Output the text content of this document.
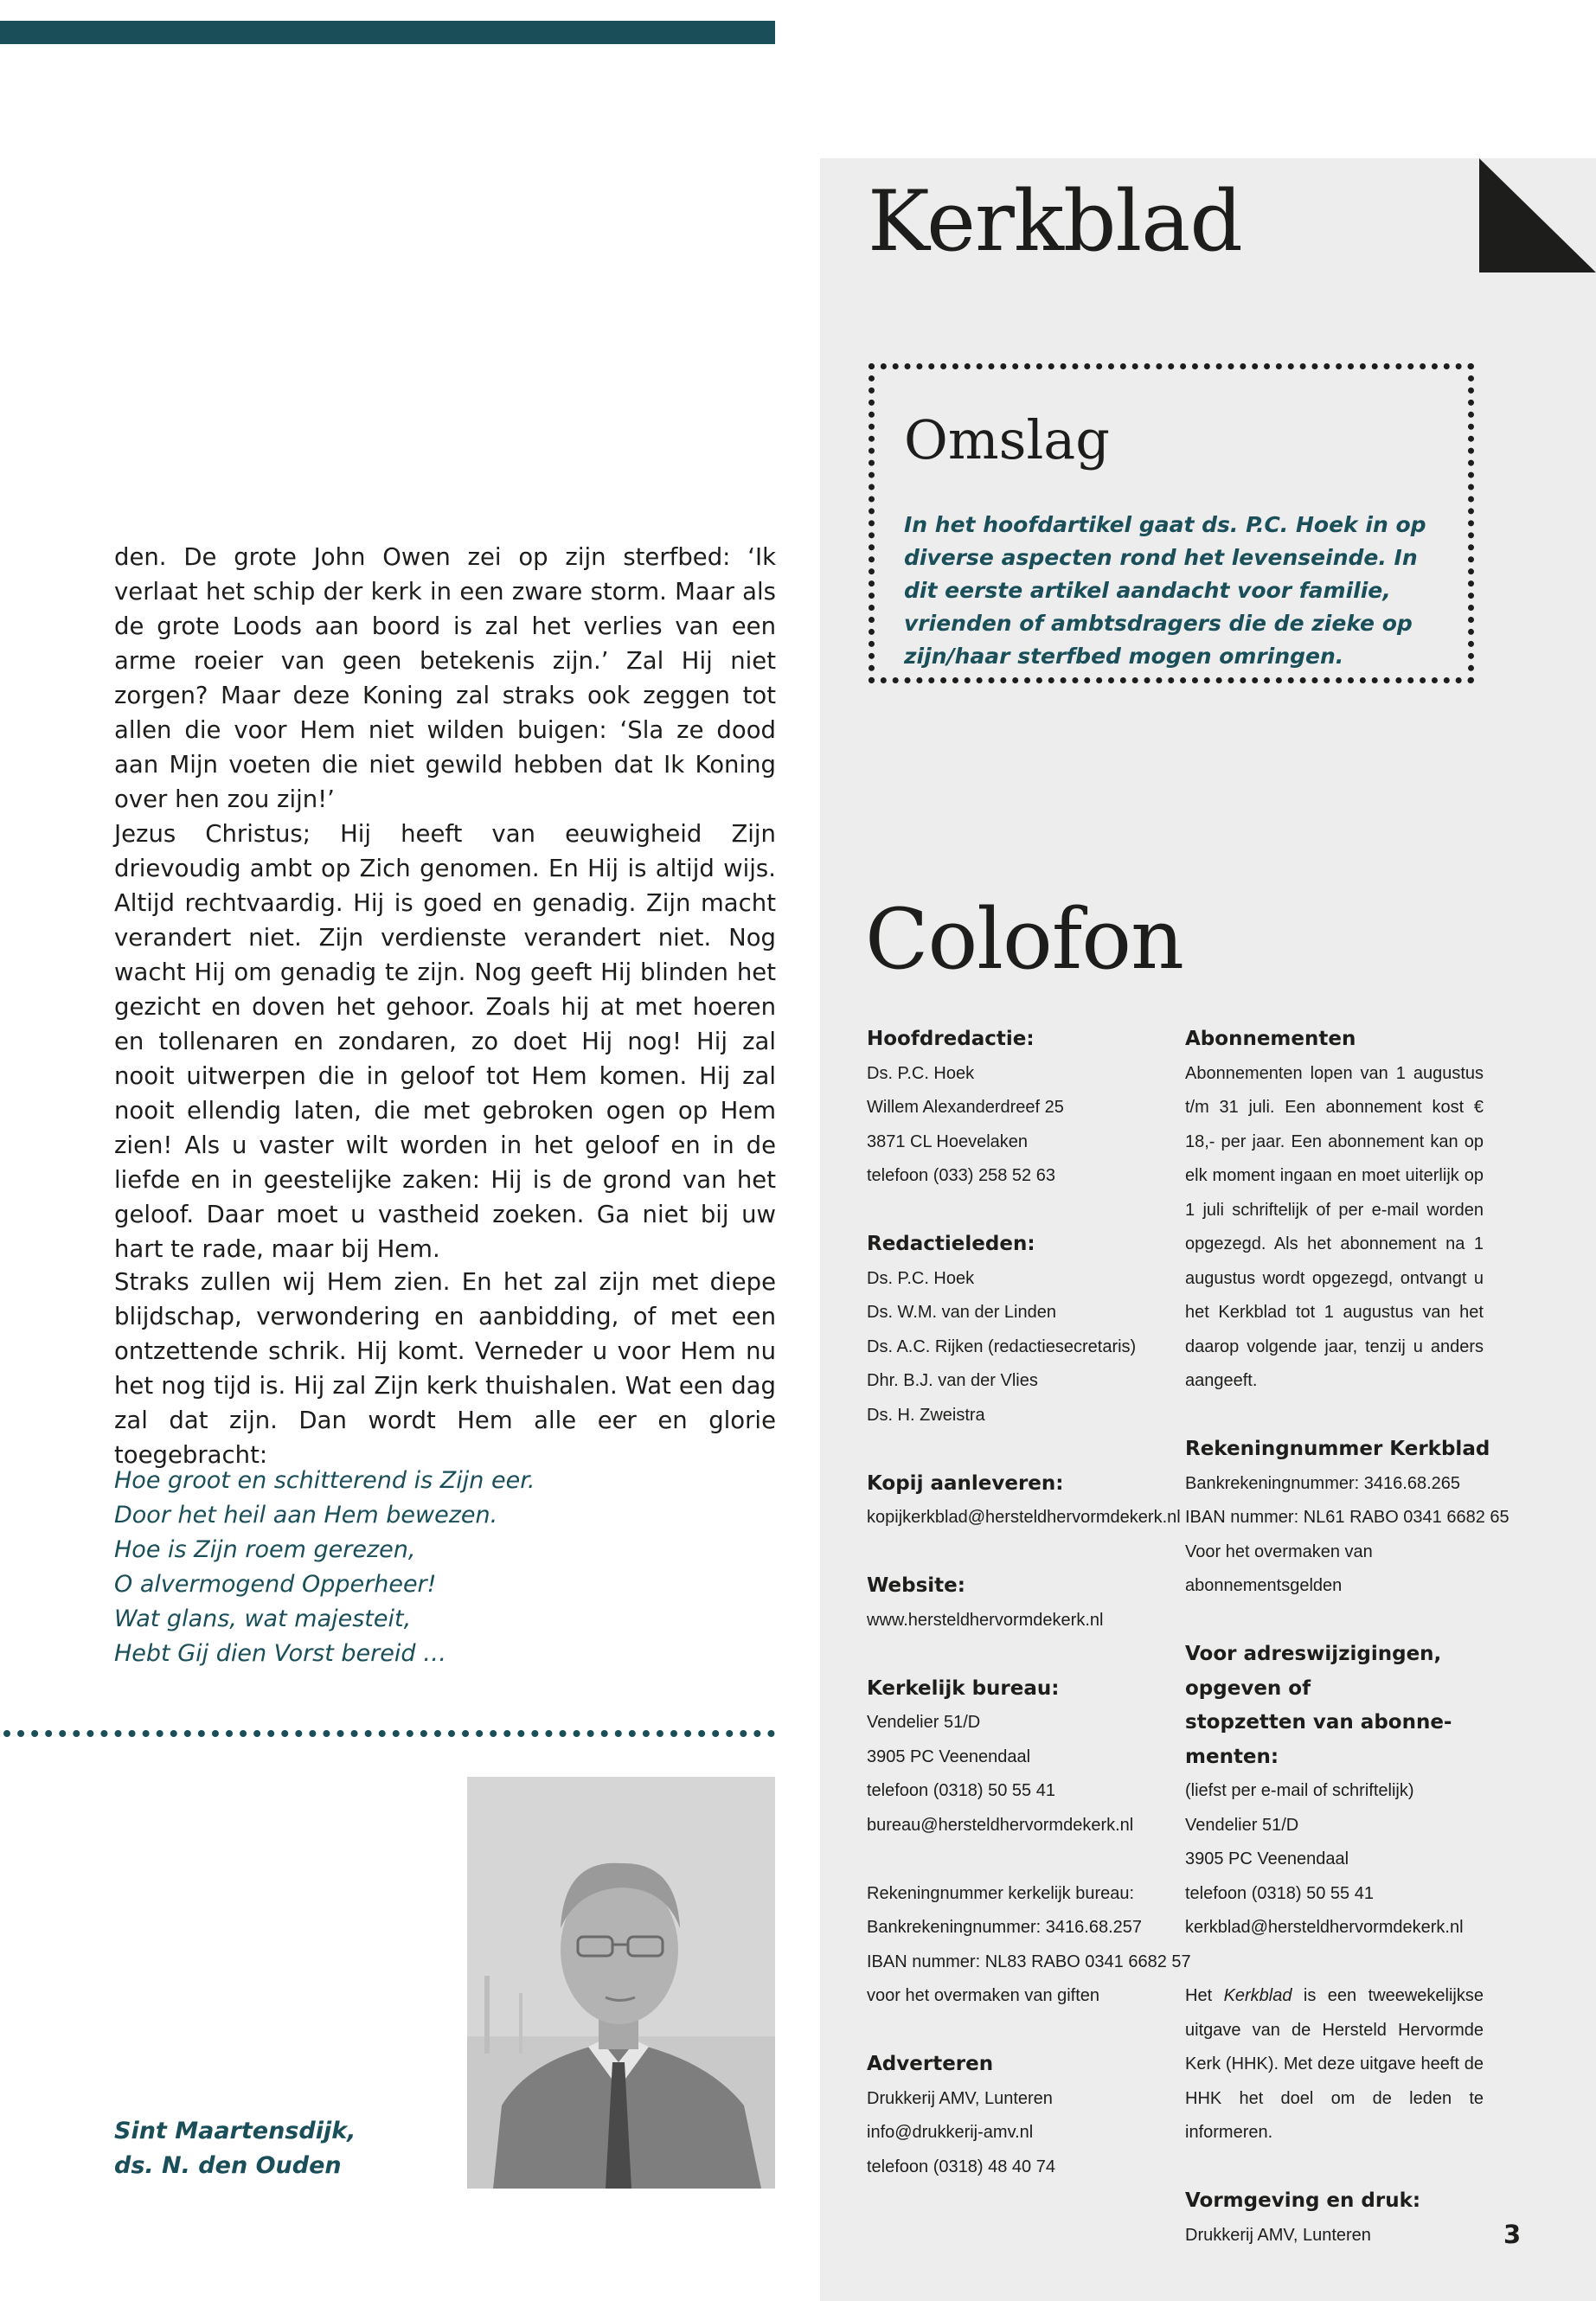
Kerkblad
Omslag

In het hoofdartikel gaat ds. P.C. Hoek in op diverse aspecten rond het levenseinde. In dit eerste artikel aandacht voor familie, vrienden of ambtsdragers die de zieke op zijn/haar sterfbed mogen omringen.

den. De grote John Owen zei op zijn sterfbed: ‘Ik verlaat het schip der kerk in een zware storm. Maar als de grote Loods aan boord is zal het verlies van een arme roeier van geen betekenis zijn.’ Zal Hij niet zorgen? Maar deze Koning zal straks ook zeggen tot allen die voor Hem niet wilden buigen: ‘Sla ze dood aan Mijn voeten die niet gewild hebben dat Ik Koning over hen zou zijn!’

Jezus Christus; Hij heeft van eeuwigheid Zijn drievoudig ambt op Zich genomen. En Hij is altijd wijs. Altijd rechtvaardig. Hij is goed en genadig. Zijn macht verandert niet. Zijn verdienste verandert niet. Nog wacht Hij om genadig te zijn. Nog geeft Hij blinden het gezicht en doven het gehoor. Zoals hij at met hoeren en tollenaren en zondaren, zo doet Hij nog! Hij zal nooit uitwerpen die in geloof tot Hem komen. Hij zal nooit ellendig laten, die met gebroken ogen op Hem zien! Als u vaster wilt worden in het geloof en in de liefde en in geestelijke zaken: Hij is de grond van het geloof. Daar moet u vastheid zoeken. Ga niet bij uw hart te rade, maar bij Hem.

Straks zullen wij Hem zien. En het zal zijn met diepe blijdschap, verwondering en aanbidding, of met een ontzettende schrik. Hij komt. Verneder u voor Hem nu het nog tijd is. Hij zal Zijn kerk thuishalen. Wat een dag zal dat zijn. Dan wordt Hem alle eer en glorie toegebracht:

Hoe groot en schitterend is Zijn eer.
Door het heil aan Hem bewezen.
Hoe is Zijn roem gerezen,
O alvermogend Opperheer!
Wat glans, wat majesteit,
Hebt Gij dien Vorst bereid …
Sint Maartensdijk,
ds. N. den Ouden
Colofon
Hoofdredactie:
Ds. P.C. Hoek
Willem Alexanderdreef 25
3871 CL Hoevelaken
telefoon (033) 258 52 63
Redactieleden:
Ds. P.C. Hoek
Ds. W.M. van der Linden
Ds. A.C. Rijken (redactiesecretaris)
Dhr. B.J. van der Vlies
Ds. H. Zweistra
Kopij aanleveren:
kopijkerkblad@hersteldhervormdekerk.nl
Website:
www.hersteldhervormdekerk.nl
Kerkelijk bureau:
Vendelier 51/D
3905 PC Veenendaal
telefoon (0318) 50 55 41
bureau@hersteldhervormdekerk.nl
Rekeningnummer kerkelijk bureau:
Bankrekeningnummer: 3416.68.257
IBAN nummer: NL83 RABO 0341 6682 57
voor het overmaken van giften
Adverteren
Drukkerij AMV, Lunteren
info@drukkerij-amv.nl
telefoon (0318) 48 40 74
Abonnementen
Abonnementen lopen van 1 augustus t/m 31 juli. Een abonnement kost € 18,- per jaar. Een abonnement kan op elk moment ingaan en moet uiterlijk op 1 juli schriftelijk of per e-mail worden opgezegd. Als het abonnement na 1 augustus wordt opgezegd, ontvangt u het Kerkblad tot 1 augustus van het daarop volgende jaar, tenzij u anders aangeeft.
Rekeningnummer Kerkblad
Bankrekeningnummer: 3416.68.265
IBAN nummer: NL61 RABO 0341 6682 65
Voor het overmaken van
abonnementsgelden
Voor adreswijzigingen,
opgeven of
stopzetten van abonne-
menten:
(liefst per e-mail of schriftelijk)
Vendelier 51/D
3905 PC Veenendaal
telefoon (0318) 50 55 41
kerkblad@hersteldhervormdekerk.nl
Het Kerkblad is een tweewekelijkse uitgave van de Hersteld Hervormde Kerk (HHK). Met deze uitgave heeft de HHK het doel om de leden te informeren.
Vormgeving en druk:
Drukkerij AMV, Lunteren	3
